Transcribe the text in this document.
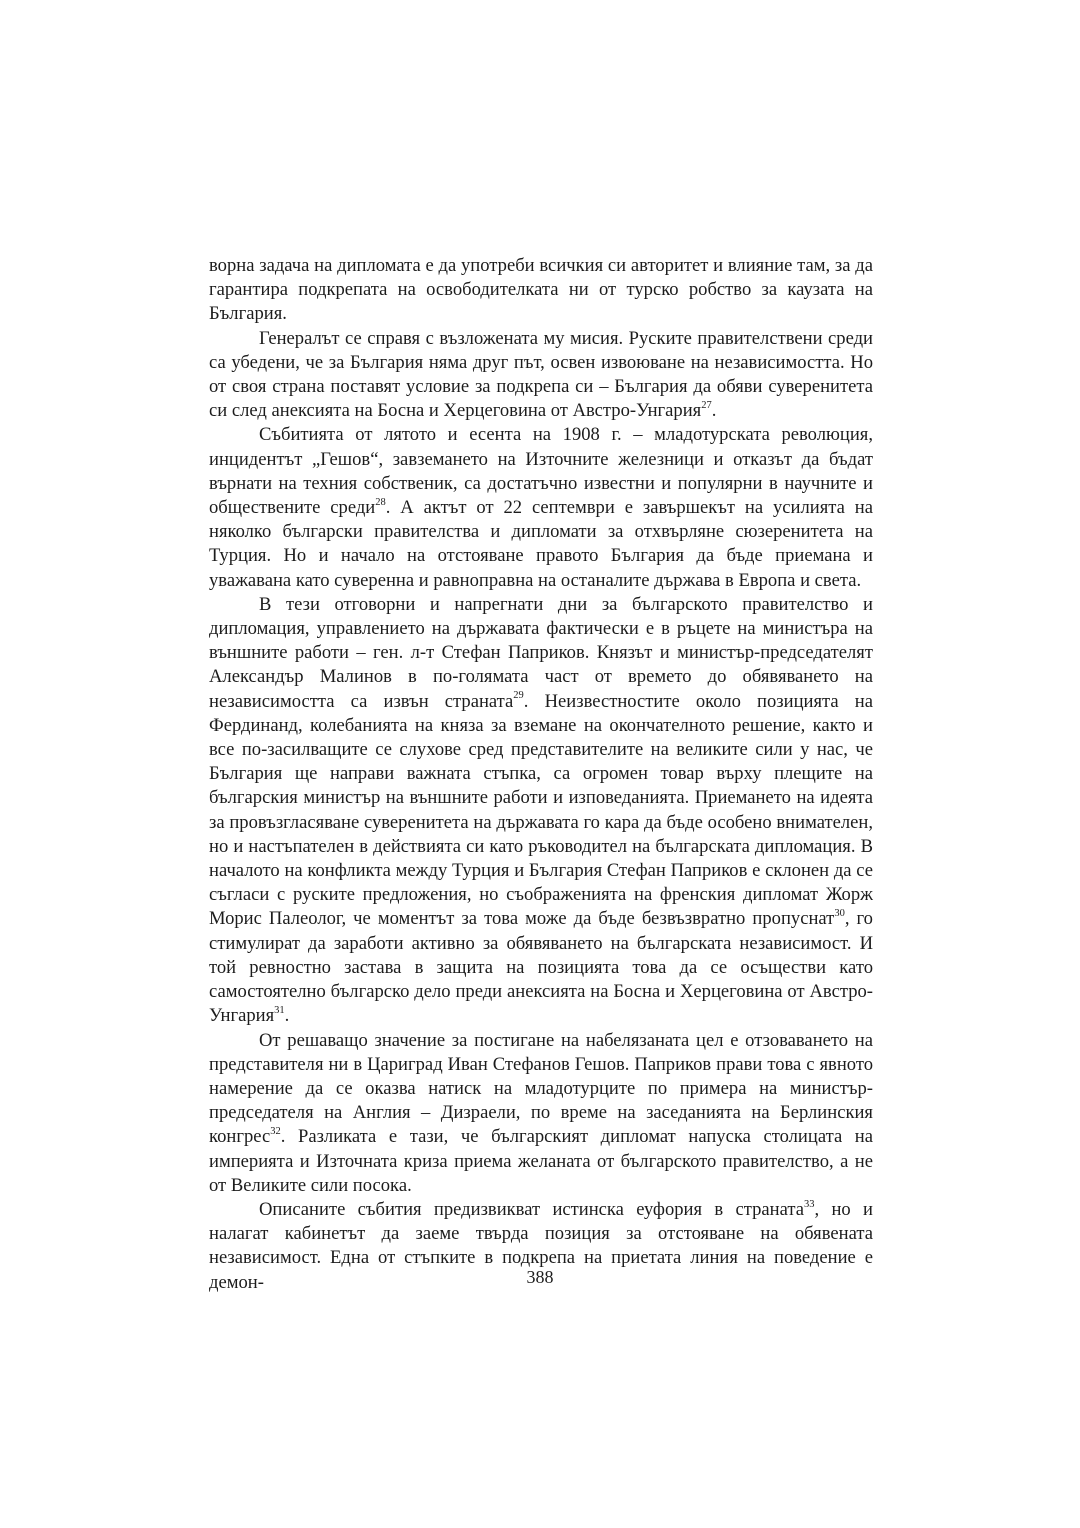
ворна задача на дипломата е да употреби всичкия си авторитет и влияние там, за да гарантира подкрепата на освободителката ни от турско робство за каузата на България.

Генералът се справя с възложената му мисия. Руските правителствени среди са убедени, че за България няма друг път, освен извоюване на независимостта. Но от своя страна поставят условие за подкрепа си – България да обяви суверенитета си след анексията на Босна и Херцеговина от Австро-Унгария$^{27}$.

Събитията от лятото и есента на 1908 г. – младотурската революция, инцидентът „Гешов“, завземането на Източните железници и отказът да бъдат върнати на техния собственик, са достатъчно известни и популярни в научните и обществените среди$^{28}$. А актът от 22 септември е завършекът на усилията на няколко български правителства и дипломати за отхвърляне сюзеренитета на Турция. Но и начало на отстояване правото България да бъде приемана и уважавана като суверенна и равноправна на останалите държава в Европа и света.

В тези отговорни и напрегнати дни за българското правителство и дипломация, управлението на държавата фактически е в ръцете на министъра на външните работи – ген. л-т Стефан Паприков. Князът и министър-председателят Александър Малинов в по-голямата част от времето до обявяването на независимостта са извън страната$^{29}$. Неизвестностите около позицията на Фердинанд, колебанията на княза за вземане на окончателното решение, както и все по-засилващите се слухове сред представителите на великите сили у нас, че България ще направи важната стъпка, са огромен товар върху плещите на българския министър на външните работи и изповеданията. Приемането на идеята за провъзгласяване суверенитета на държавата го кара да бъде особено внимателен, но и настъпателен в действията си като ръководител на българската дипломация. В началото на конфликта между Турция и България Стефан Паприков е склонен да се съгласи с руските предложения, но съображенията на френския дипломат Жорж Морис Палеолог, че моментът за това може да бъде безвъзвратно пропуснат$^{30}$, го стимулират да заработи активно за обявяването на българската независимост. И той ревностно застава в защита на позицията това да се осъществи като самостоятелно българско дело преди анексията на Босна и Херцеговина от Австро-Унгария$^{31}$.

От решаващо значение за постигане на набелязаната цел е отзоваването на представителя ни в Цариград Иван Стефанов Гешов. Паприков прави това с явното намерение да се оказва натиск на младотурците по примера на министър-председателя на Англия – Дизраели, по време на заседанията на Берлинския конгрес$^{32}$. Разликата е тази, че българският дипломат напуска столицата на империята и Източната криза приема желаната от българското правителство, а не от Великите сили посока.

Описаните събития предизвикват истинска еуфория в страната$^{33}$, но и налагат кабинетът да заеме твърда позиция за отстояване на обявената независимост. Една от стъпките в подкрепа на приетата линия на поведение е демон-	388
